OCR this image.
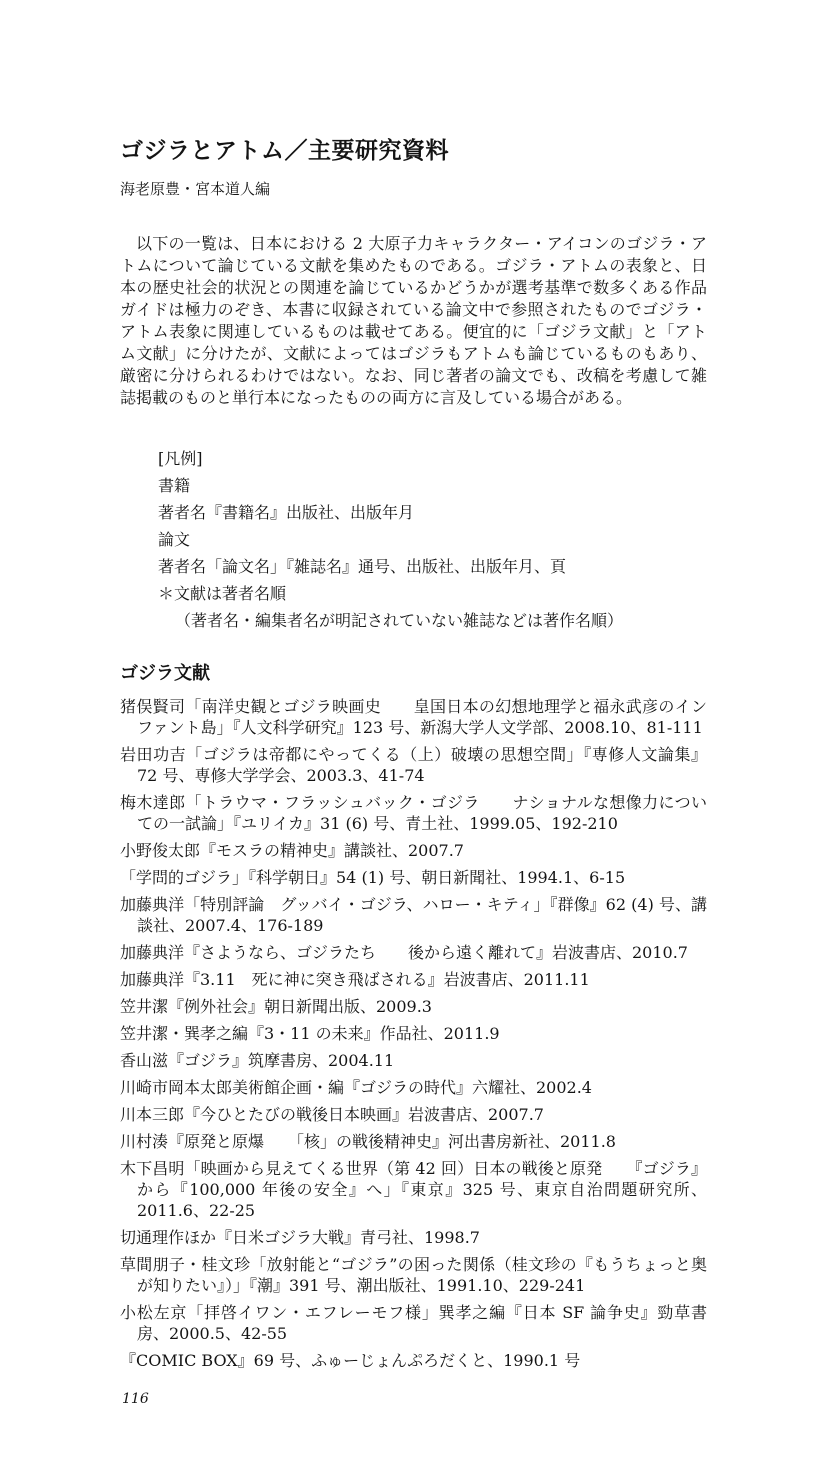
ゴジラとアトム／主要研究資料
海老原豊・宮本道人編

以下の一覧は、日本における 2 大原子力キャラクター・アイコンのゴジラ・アトムについて論じている文献を集めたものである。ゴジラ・アトムの表象と、日本の歴史社会的状況との関連を論じているかどうかが選考基準で数多くある作品ガイドは極力のぞき、本書に収録されている論文中で参照されたものでゴジラ・アトム表象に関連しているものは載せてある。便宜的に「ゴジラ文献」と「アトム文献」に分けたが、文献によってはゴジラもアトムも論じているものもあり、厳密に分けられるわけではない。なお、同じ著者の論文でも、改稿を考慮して雑誌掲載のものと単行本になったものの両方に言及している場合がある。

[凡例]
書籍
著者名『書籍名』出版社、出版年月
論文
著者名「論文名」『雑誌名』通号、出版社、出版年月、頁
＊文献は著者名順
（著者名・編集者名が明記されていない雑誌などは著作名順）
ゴジラ文献

猪俣賢司「南洋史観とゴジラ映画史　　皇国日本の幻想地理学と福永武彦のインファント島」『人文科学研究』123 号、新潟大学人文学部、2008.10、81-111

岩田功吉「ゴジラは帝都にやってくる（上）破壊の思想空間」『専修人文論集』72 号、専修大学学会、2003.3、41-74

梅木達郎「トラウマ・フラッシュバック・ゴジラ　　ナショナルな想像力についての一試論」『ユリイカ』31 (6) 号、青土社、1999.05、192-210

小野俊太郎『モスラの精神史』講談社、2007.7

「学問的ゴジラ」『科学朝日』54 (1) 号、朝日新聞社、1994.1、6-15

加藤典洋「特別評論　グッバイ・ゴジラ、ハロー・キティ」『群像』62 (4) 号、講談社、2007.4、176-189

加藤典洋『さようなら、ゴジラたち　　後から遠く離れて』岩波書店、2010.7

加藤典洋『3.11　死に神に突き飛ばされる』岩波書店、2011.11

笠井潔『例外社会』朝日新聞出版、2009.3

笠井潔・巽孝之編『3・11 の未来』作品社、2011.9

香山滋『ゴジラ』筑摩書房、2004.11

川崎市岡本太郎美術館企画・編『ゴジラの時代』六耀社、2002.4

川本三郎『今ひとたびの戦後日本映画』岩波書店、2007.7

川村湊『原発と原爆　　「核」の戦後精神史』河出書房新社、2011.8

木下昌明「映画から見えてくる世界（第 42 回）日本の戦後と原発　　『ゴジラ』から『100,000 年後の安全』へ」『東京』325 号、東京自治問題研究所、2011.6、22-25

切通理作ほか『日米ゴジラ大戦』青弓社、1998.7

草間朋子・桂文珍「放射能と“ゴジラ”の困った関係（桂文珍の『もうちょっと奥が知りたい』）」『潮』391 号、潮出版社、1991.10、229-241

小松左京「拝啓イワン・エフレーモフ様」巽孝之編『日本 SF 論争史』勁草書房、2000.5、42-55

『COMIC BOX』69 号、ふゅーじょんぷろだくと、1990.1 号

116
